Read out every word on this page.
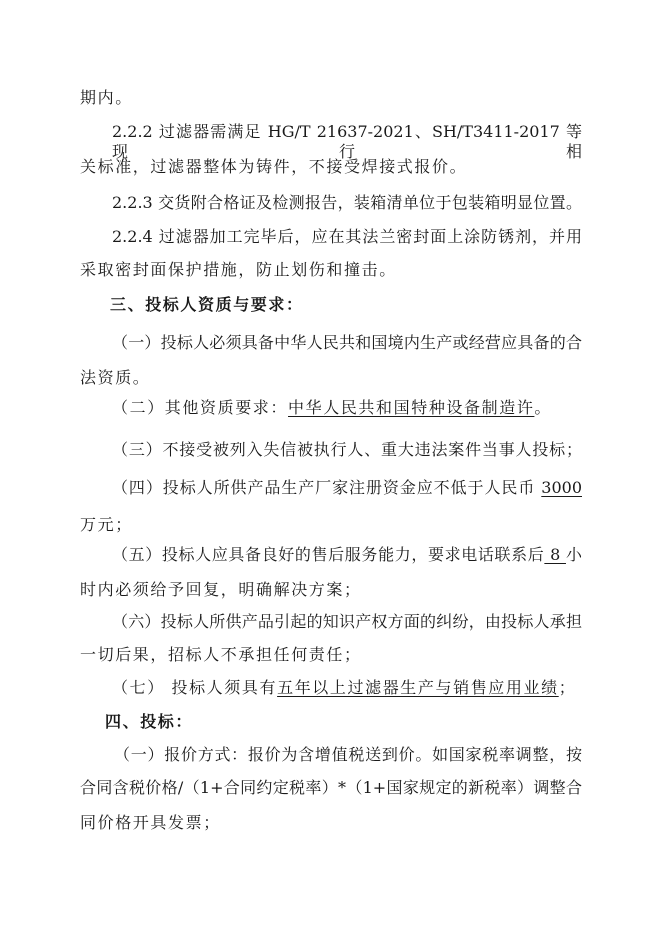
期内。
2.2.2 过滤器需满足 HG/T 21637-2021、SH/T3411-2017 等现行相
关标准，过滤器整体为铸件，不接受焊接式报价。
2.2.3 交货附合格证及检测报告，装箱清单位于包装箱明显位置。
2.2.4 过滤器加工完毕后，应在其法兰密封面上涂防锈剂，并用
采取密封面保护措施，防止划伤和撞击。
三、投标人资质与要求：
（一）投标人必须具备中华人民共和国境内生产或经营应具备的合
法资质。
（二）其他资质要求：中华人民共和国特种设备制造许。
（三）不接受被列入失信被执行人、重大违法案件当事人投标；
（四）投标人所供产品生产厂家注册资金应不低于人民币 3000
万元；
（五）投标人应具备良好的售后服务能力，要求电话联系后 8 小
时内必须给予回复，明确解决方案；
（六）投标人所供产品引起的知识产权方面的纠纷，由投标人承担
一切后果，招标人不承担任何责任；
（七） 投标人须具有五年以上过滤器生产与销售应用业绩；
四、投标：
（一）报价方式：报价为含增值税送到价。如国家税率调整，按
合同含税价格/（1+合同约定税率）*（1+国家规定的新税率）调整合
同价格开具发票；
